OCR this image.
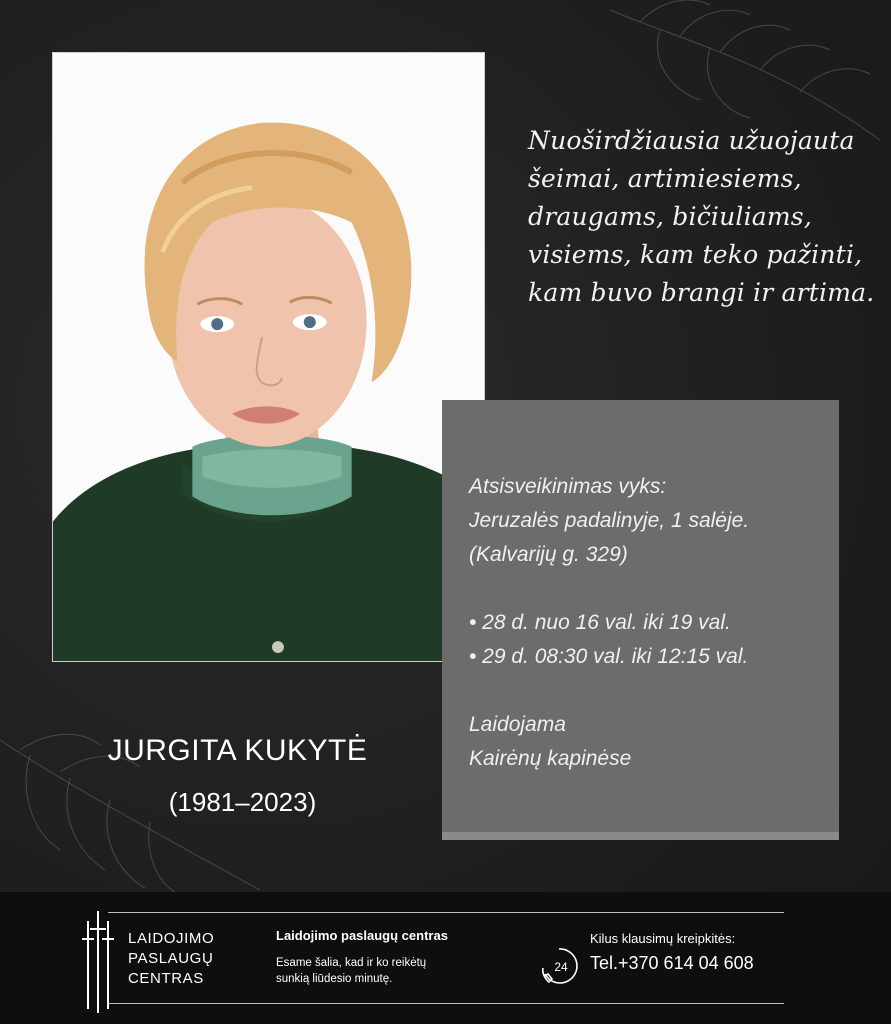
Nuoširdžiausia užuojauta
šeimai, artimiesiems,
draugams, bičiuliams,
visiems, kam teko pažinti,
kam buvo brangi ir artima.
Atsisveikinimas vyks:
Jeruzalės padalinyje, 1 salėje.
(Kalvarijų g. 329)
• 28 d. nuo 16 val. iki 19 val.
• 29 d. 08:30 val. iki 12:15 val.
Laidojama
Kairėnų kapinėse
JURGITA KUKYTĖ
(1981–2023)
LAIDOJIMO
PASLAUGŲ
CENTRAS
Laidojimo paslaugų centras
Esame šalia, kad ir ko reikėtų
sunkią liūdesio minutę.
24
Kilus klausimų kreipkitės:
Tel.+370 614 04 608
